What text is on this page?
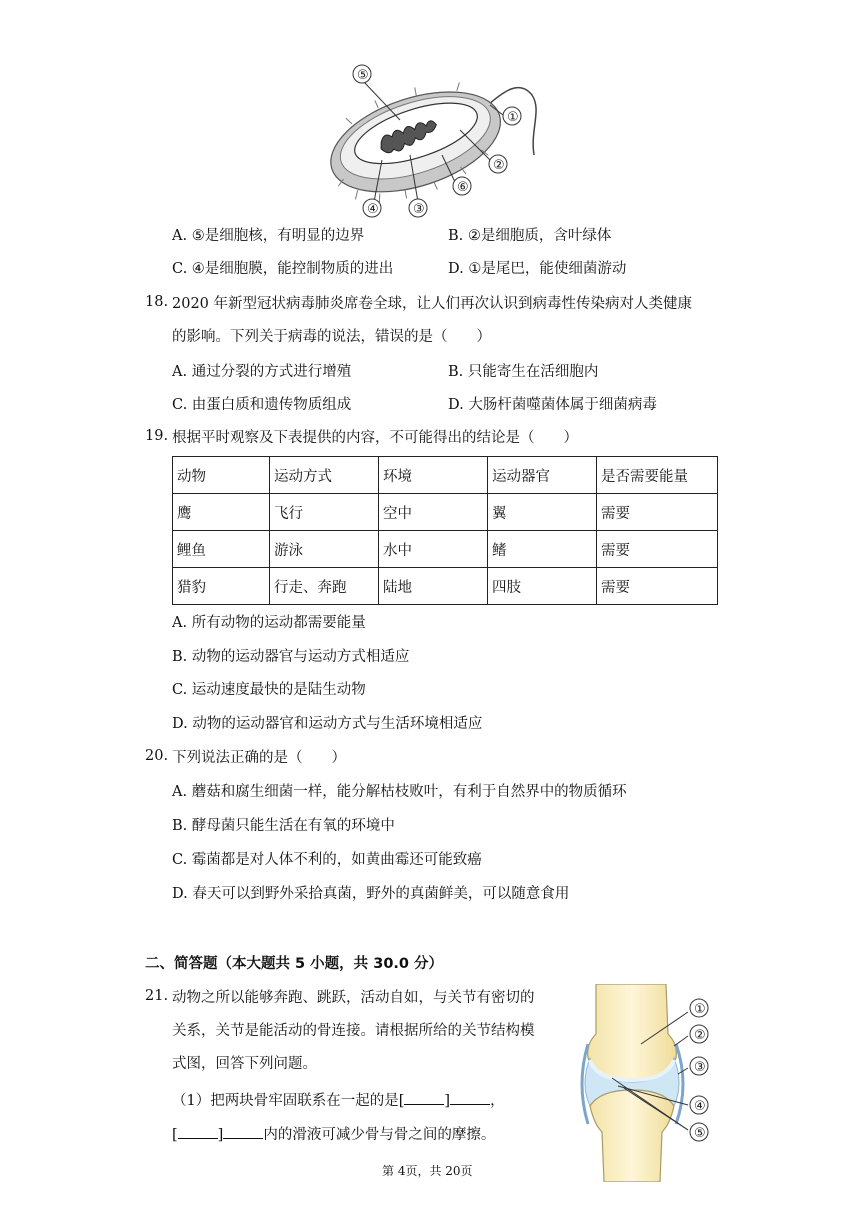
⑤
①
②
⑥
④	③
A. ⑤是细胞核，有明显的边界	B. ②是细胞质，含叶绿体
C. ④是细胞膜，能控制物质的进出	D. ①是尾巴，能使细菌游动
18. 2020 年新型冠状病毒肺炎席卷全球，让人们再次认识到病毒性传染病对人类健康
的影响。下列关于病毒的说法，错误的是（　　）
A. 通过分裂的方式进行增殖	B. 只能寄生在活细胞内
C. 由蛋白质和遗传物质组成	D. 大肠杆菌噬菌体属于细菌病毒
19. 根据平时观察及下表提供的内容，不可能得出的结论是（　　）
动物	运动方式	环境	运动器官	是否需要能量
鹰	飞行	空中	翼	需要
鲤鱼	游泳	水中	鳍	需要
猎豹	行走、奔跑	陆地	四肢	需要
A. 所有动物的运动都需要能量
B. 动物的运动器官与运动方式相适应
C. 运动速度最快的是陆生动物
D. 动物的运动器官和运动方式与生活环境相适应
20. 下列说法正确的是（　　）
A. 蘑菇和腐生细菌一样，能分解枯枝败叶，有利于自然界中的物质循环
B. 酵母菌只能生活在有氧的环境中
C. 霉菌都是对人体不利的，如黄曲霉还可能致癌
D. 春天可以到野外采拾真菌，野外的真菌鲜美，可以随意食用
二、简答题（本大题共 5 小题，共 30.0 分）
21. 动物之所以能够奔跑、跳跃，活动自如，与关节有密切的
关系，关节是能活动的骨连接。请根据所给的关节结构模
式图，回答下列问题。
（1）把两块骨牢固联系在一起的是[	]	，
[	]	内的滑液可减少骨与骨之间的摩擦。
①
②
③
④
⑤
第 4页，共 20页
